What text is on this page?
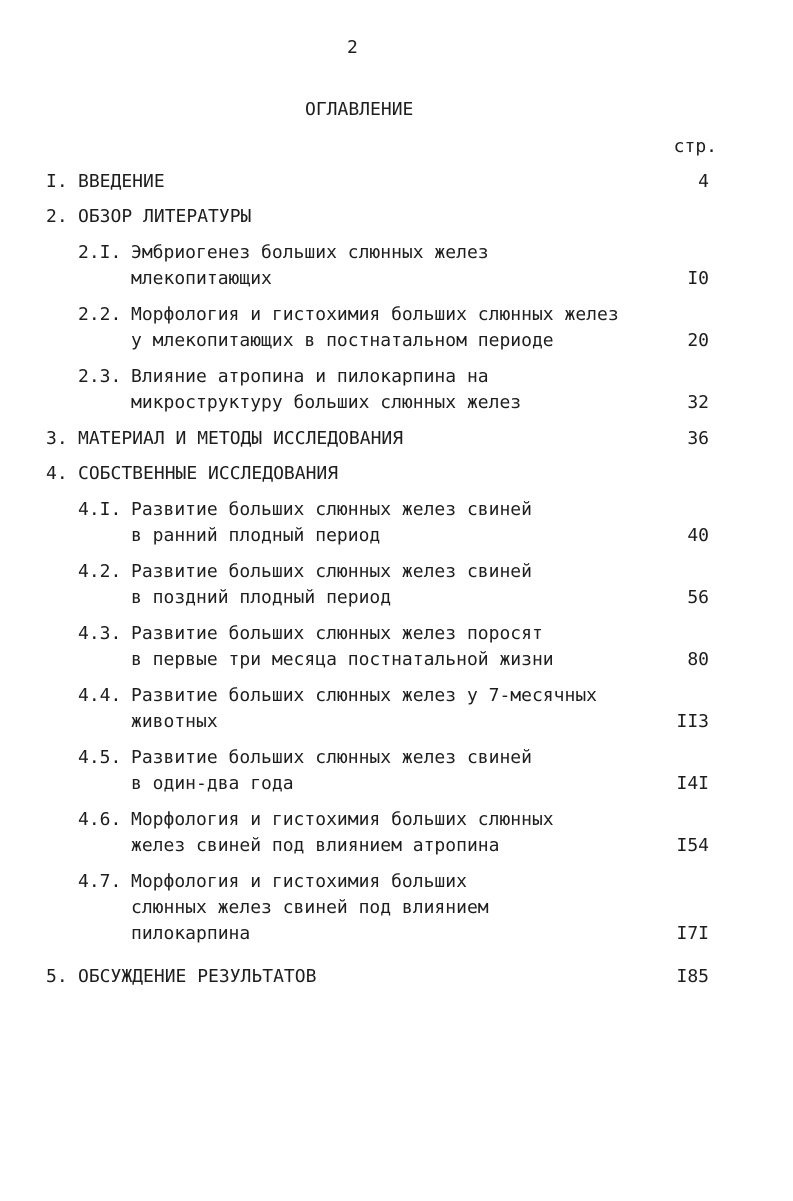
2
ОГЛАВЛЕНИЕ
стр.
I. ВВЕДЕНИЕ	4
2. ОБЗОР ЛИТЕРАТУРЫ
2.I. Эмбриогенез больших слюнных желез
млекопитающих	I0
2.2. Морфология и гистохимия больших слюнных желез
у млекопитающих в постнатальном периоде	20
2.3. Влияние атропина и пилокарпина на
микроструктуру больших слюнных желез	32
3. МАТЕРИАЛ И МЕТОДЫ ИССЛЕДОВАНИЯ	36
4. СОБСТВЕННЫЕ ИССЛЕДОВАНИЯ
4.I. Развитие больших слюнных желез свиней
в ранний плодный период	40
4.2. Развитие больших слюнных желез свиней
в поздний плодный период	56
4.3. Развитие больших слюнных желез поросят
в первые три месяца постнатальной жизни	80
4.4. Развитие больших слюнных желез у 7-месячных
животных	II3
4.5. Развитие больших слюнных желез свиней
в один-два года	I4I
4.6. Морфология и гистохимия больших слюнных
желез свиней под влиянием атропина	I54
4.7. Морфология и гистохимия больших
слюнных желез свиней под влиянием
пилокарпина	I7I
5. ОБСУЖДЕНИЕ РЕЗУЛЬТАТОВ	I85
